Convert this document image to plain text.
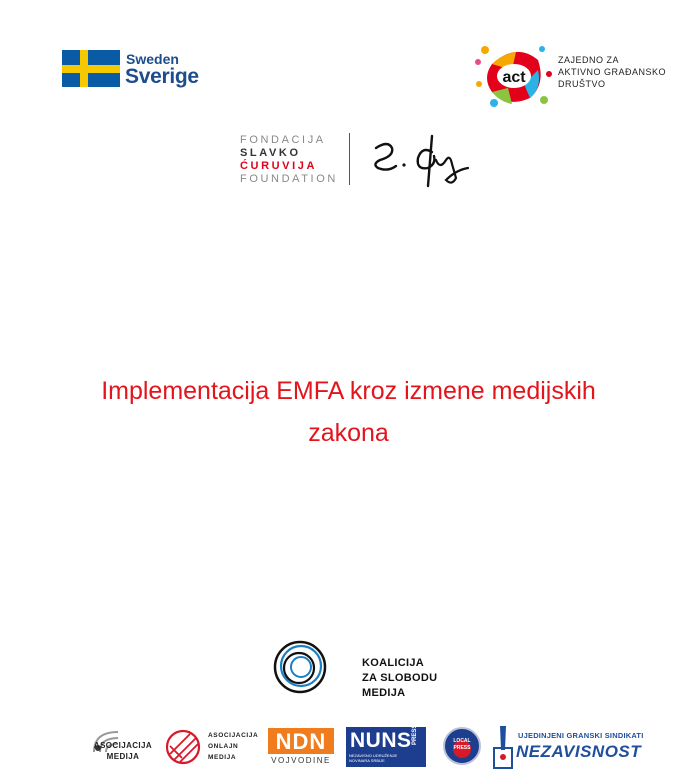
Sweden
Sverige	act
ZAJEDNO ZA
AKTIVNO GRAĐANSKO
DRUŠTVO
FONDACIJA
SLAVKO
ĆURUVIJA
FOUNDATION
Implementacija EMFA kroz izmene medijskih
zakona
KOALICIJA
ZA SLOBODU MEDIJA
ASOCIJACIJA
MEDIJA
ASOCIJACIJA
ONLAJN
MEDIJA
NDN
VOJVODINE
NUNS
NEZAVISNO UDRUŽENJE
NOVINARA SRBIJE
PRESS	LOCAL
PRESS
UJEDINJENI GRANSKI SINDIKATI
NEZAVISNOST
